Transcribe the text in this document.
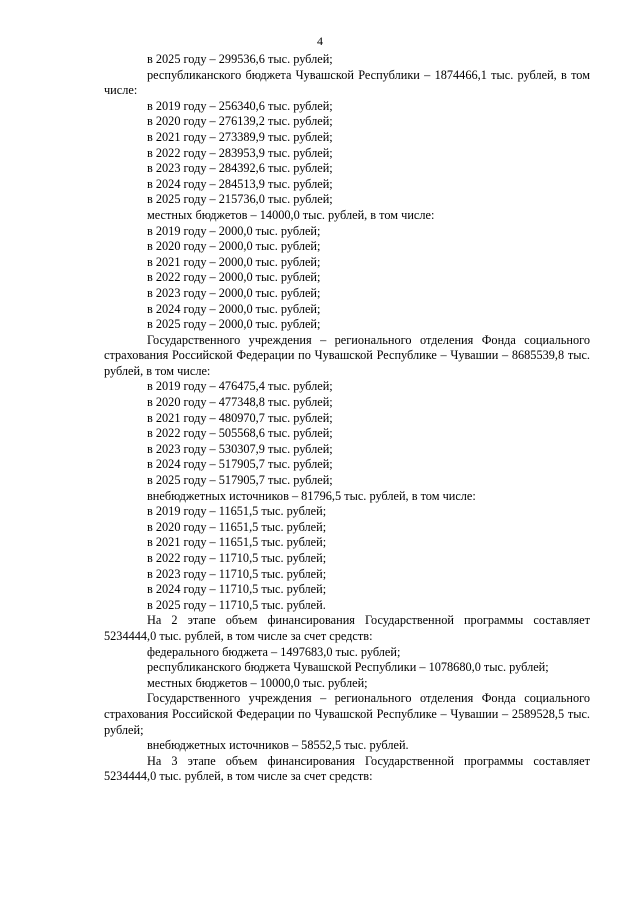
4

в 2025 году – 299536,6 тыс. рублей;

республиканского бюджета Чувашской Республики – 1874466,1 тыс. рублей, в том числе:

в 2019 году – 256340,6 тыс. рублей;

в 2020 году – 276139,2 тыс. рублей;

в 2021 году – 273389,9 тыс. рублей;

в 2022 году – 283953,9 тыс. рублей;

в 2023 году – 284392,6 тыс. рублей;

в 2024 году – 284513,9 тыс. рублей;

в 2025 году – 215736,0 тыс. рублей;

местных бюджетов – 14000,0 тыс. рублей, в том числе:

в 2019 году – 2000,0 тыс. рублей;

в 2020 году – 2000,0 тыс. рублей;

в 2021 году – 2000,0 тыс. рублей;

в 2022 году – 2000,0 тыс. рублей;

в 2023 году – 2000,0 тыс. рублей;

в 2024 году – 2000,0 тыс. рублей;

в 2025 году – 2000,0 тыс. рублей;

Государственного учреждения – регионального отделения Фонда социального страхования Российской Федерации по Чувашской Республике – Чувашии – 8685539,8 тыс. рублей, в том числе:

в 2019 году – 476475,4 тыс. рублей;

в 2020 году – 477348,8 тыс. рублей;

в 2021 году – 480970,7 тыс. рублей;

в 2022 году – 505568,6 тыс. рублей;

в 2023 году – 530307,9 тыс. рублей;

в 2024 году – 517905,7 тыс. рублей;

в 2025 году – 517905,7 тыс. рублей;

внебюджетных источников – 81796,5 тыс. рублей, в том числе:

в 2019 году – 11651,5 тыс. рублей;

в 2020 году – 11651,5 тыс. рублей;

в 2021 году – 11651,5 тыс. рублей;

в 2022 году – 11710,5 тыс. рублей;

в 2023 году – 11710,5 тыс. рублей;

в 2024 году – 11710,5 тыс. рублей;

в 2025 году – 11710,5 тыс. рублей.

На 2 этапе объем финансирования Государственной программы составляет 5234444,0 тыс. рублей, в том числе за счет средств:

федерального бюджета – 1497683,0 тыс. рублей;

республиканского бюджета Чувашской Республики – 1078680,0 тыс. рублей;

местных бюджетов – 10000,0 тыс. рублей;

Государственного учреждения – регионального отделения Фонда социального страхования Российской Федерации по Чувашской Республике – Чувашии – 2589528,5 тыс. рублей;

внебюджетных источников – 58552,5 тыс. рублей.

На 3 этапе объем финансирования Государственной программы составляет 5234444,0 тыс. рублей, в том числе за счет средств:
